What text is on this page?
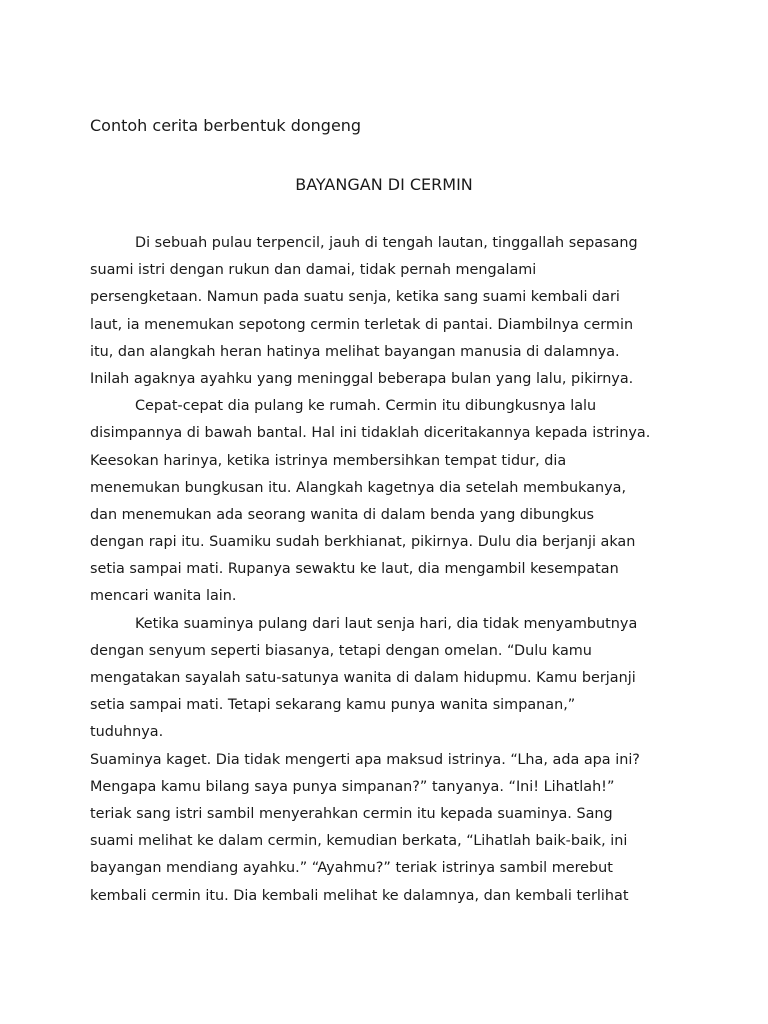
Contoh cerita berbentuk dongeng

BAYANGAN DI CERMIN
Di sebuah pulau terpencil, jauh di tengah lautan, tinggallah sepasang
suami istri dengan rukun dan damai, tidak pernah mengalami
persengketaan. Namun pada suatu senja, ketika sang suami kembali dari
laut, ia menemukan sepotong cermin terletak di pantai. Diambilnya cermin
itu, dan alangkah heran hatinya melihat bayangan manusia di dalamnya.
Inilah agaknya ayahku yang meninggal beberapa bulan yang lalu, pikirnya.
Cepat-cepat dia pulang ke rumah. Cermin itu dibungkusnya lalu
disimpannya di bawah bantal. Hal ini tidaklah diceritakannya kepada istrinya.
Keesokan harinya, ketika istrinya membersihkan tempat tidur, dia
menemukan bungkusan itu. Alangkah kagetnya dia setelah membukanya,
dan menemukan ada seorang wanita di dalam benda yang dibungkus
dengan rapi itu. Suamiku sudah berkhianat, pikirnya. Dulu dia berjanji akan
setia sampai mati. Rupanya sewaktu ke laut, dia mengambil kesempatan
mencari wanita lain.
Ketika suaminya pulang dari laut senja hari, dia tidak menyambutnya
dengan senyum seperti biasanya, tetapi dengan omelan. “Dulu kamu
mengatakan sayalah satu-satunya wanita di dalam hidupmu. Kamu berjanji
setia sampai mati. Tetapi sekarang kamu punya wanita simpanan,”
tuduhnya.
Suaminya kaget. Dia tidak mengerti apa maksud istrinya. “Lha, ada apa ini?
Mengapa kamu bilang saya punya simpanan?” tanyanya. “Ini! Lihatlah!”
teriak sang istri sambil menyerahkan cermin itu kepada suaminya. Sang
suami melihat ke dalam cermin, kemudian berkata, “Lihatlah baik-baik, ini
bayangan mendiang ayahku.” “Ayahmu?” teriak istrinya sambil merebut
kembali cermin itu. Dia kembali melihat ke dalamnya, dan kembali terlihat
